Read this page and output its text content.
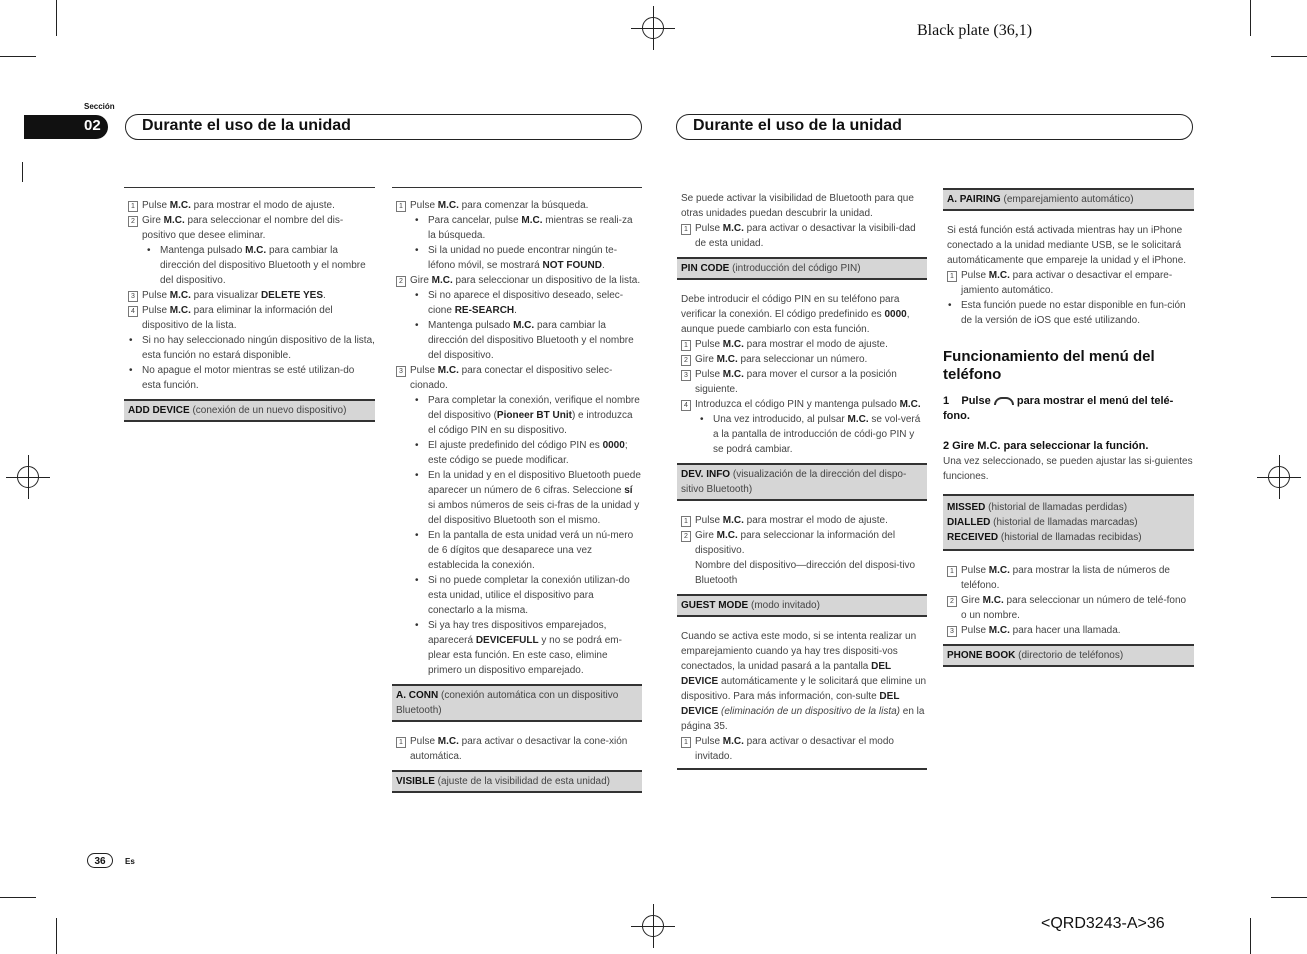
Black plate (36,1)
Sección
02	Durante el uso de la unidad	Durante el uso de la unidad
1 Pulse M.C. para mostrar el modo de ajuste.
2 Gire M.C. para seleccionar el nombre del dis-positivo que desee eliminar.
• Mantenga pulsado M.C. para cambiar la dirección del dispositivo Bluetooth y el nombre del dispositivo.
3 Pulse M.C. para visualizar DELETE YES.
4 Pulse M.C. para eliminar la información del dispositivo de la lista.
• Si no hay seleccionado ningún dispositivo de la lista, esta función no estará disponible.
• No apague el motor mientras se esté utilizan-do esta función.
ADD DEVICE (conexión de un nuevo dispositivo)
1 Pulse M.C. para comenzar la búsqueda.
• Para cancelar, pulse M.C. mientras se reali-za la búsqueda.
• Si la unidad no puede encontrar ningún te-léfono móvil, se mostrará NOT FOUND.
2 Gire M.C. para seleccionar un dispositivo de la lista.
• Si no aparece el dispositivo deseado, selec-cione RE-SEARCH.
• Mantenga pulsado M.C. para cambiar la dirección del dispositivo Bluetooth y el nombre del dispositivo.
3 Pulse M.C. para conectar el dispositivo selec-cionado.
• Para completar la conexión, verifique el nombre del dispositivo (Pioneer BT Unit) e introduzca el código PIN en su dispositivo.
• El ajuste predefinido del código PIN es 0000; este código se puede modificar.
• En la unidad y en el dispositivo Bluetooth puede aparecer un número de 6 cifras. Seleccione sí si ambos números de seis ci-fras de la unidad y del dispositivo Bluetooth son el mismo.
• En la pantalla de esta unidad verá un nú-mero de 6 dígitos que desaparece una vez establecida la conexión.
• Si no puede completar la conexión utilizan-do esta unidad, utilice el dispositivo para conectarlo a la misma.
• Si ya hay tres dispositivos emparejados, aparecerá DEVICEFULL y no se podrá em-plear esta función. En este caso, elimine primero un dispositivo emparejado.
A. CONN (conexión automática con un dispositivo Bluetooth)
1 Pulse M.C. para activar o desactivar la cone-xión automática.
VISIBLE (ajuste de la visibilidad de esta unidad)

Se puede activar la visibilidad de Bluetooth para que otras unidades puedan descubrir la unidad.

1 Pulse M.C. para activar o desactivar la visibili-dad de esta unidad.
PIN CODE (introducción del código PIN)

Debe introducir el código PIN en su teléfono para verificar la conexión. El código predefinido es 0000, aunque puede cambiarlo con esta función.

1 Pulse M.C. para mostrar el modo de ajuste.
2 Gire M.C. para seleccionar un número.
3 Pulse M.C. para mover el cursor a la posición siguiente.
4 Introduzca el código PIN y mantenga pulsado M.C.
• Una vez introducido, al pulsar M.C. se vol-verá a la pantalla de introducción de códi-go PIN y se podrá cambiar.
DEV. INFO (visualización de la dirección del dispo-sitivo Bluetooth)
1 Pulse M.C. para mostrar el modo de ajuste.
2 Gire M.C. para seleccionar la información del dispositivo.
Nombre del dispositivo—dirección del disposi-tivo Bluetooth
GUEST MODE (modo invitado)

Cuando se activa este modo, si se intenta realizar un emparejamiento cuando ya hay tres dispositi-vos conectados, la unidad pasará a la pantalla DEL DEVICE automáticamente y le solicitará que elimine un dispositivo. Para más información, con-sulte DEL DEVICE (eliminación de un dispositivo de la lista) en la página 35.

1 Pulse M.C. para activar o desactivar el modo invitado.
A. PAIRING (emparejamiento automático)

Si está función está activada mientras hay un iPhone conectado a la unidad mediante USB, se le solicitará automáticamente que empareje la unidad y el iPhone.

1 Pulse M.C. para activar o desactivar el empare-jamiento automático.
• Esta función puede no estar disponible en fun-ción de la versión de iOS que esté utilizando.
Funcionamiento del menú del teléfono
1 Pulse para mostrar el menú del telé-fono.
2 Gire M.C. para seleccionar la función.

Una vez seleccionado, se pueden ajustar las si-guientes funciones.

MISSED (historial de llamadas perdidas)
DIALLED (historial de llamadas marcadas)
RECEIVED (historial de llamadas recibidas)
1 Pulse M.C. para mostrar la lista de números de teléfono.
2 Gire M.C. para seleccionar un número de telé-fono o un nombre.
3 Pulse M.C. para hacer una llamada.
PHONE BOOK (directorio de teléfonos)
36	Es
<QRD3243-A>36
